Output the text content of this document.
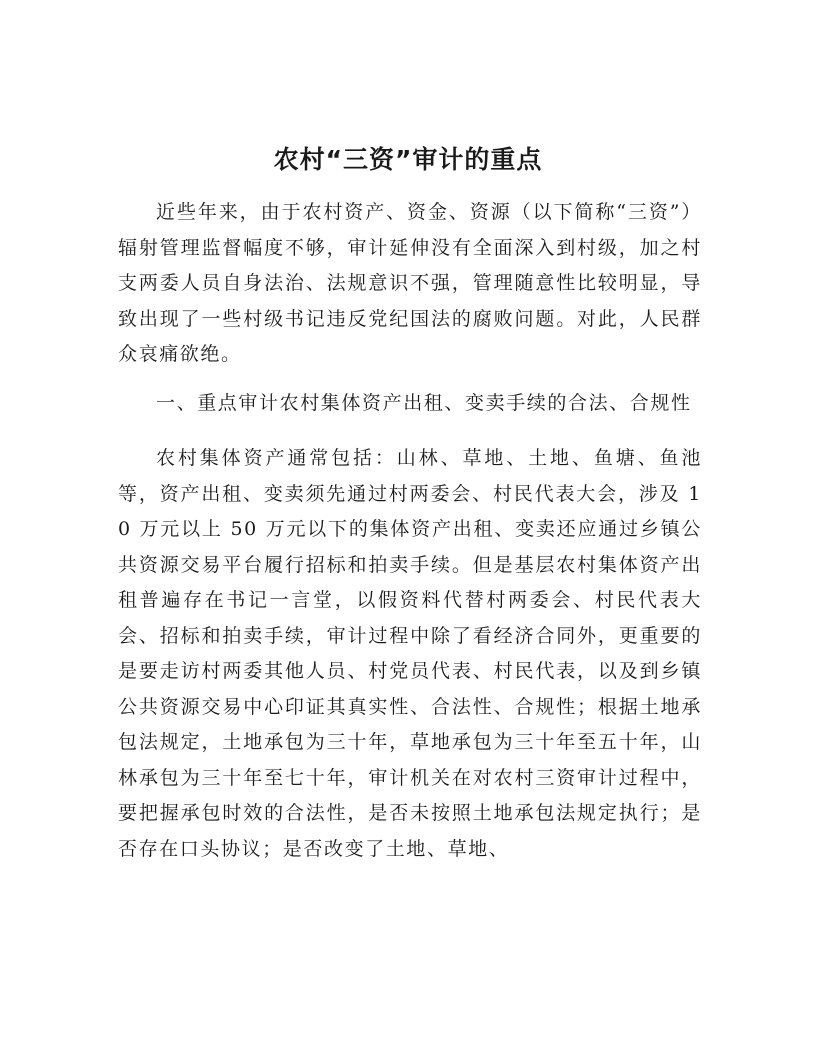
农村“三资”审计的重点

近些年来，由于农村资产、资金、资源（以下简称“三资”）辐射管理监督幅度不够，审计延伸没有全面深入到村级，加之村支两委人员自身法治、法规意识不强，管理随意性比较明显，导致出现了一些村级书记违反党纪国法的腐败问题。对此，人民群众哀痛欲绝。

一、重点审计农村集体资产出租、变卖手续的合法、合规性

农村集体资产通常包括：山林、草地、土地、鱼塘、鱼池等，资产出租、变卖须先通过村两委会、村民代表大会，涉及 10 万元以上 50 万元以下的集体资产出租、变卖还应通过乡镇公共资源交易平台履行招标和拍卖手续。但是基层农村集体资产出租普遍存在书记一言堂，以假资料代替村两委会、村民代表大会、招标和拍卖手续，审计过程中除了看经济合同外，更重要的是要走访村两委其他人员、村党员代表、村民代表，以及到乡镇公共资源交易中心印证其真实性、合法性、合规性；根据土地承包法规定，土地承包为三十年，草地承包为三十年至五十年，山林承包为三十年至七十年，审计机关在对农村三资审计过程中，要把握承包时效的合法性，是否未按照土地承包法规定执行；是否存在口头协议；是否改变了土地、草地、
